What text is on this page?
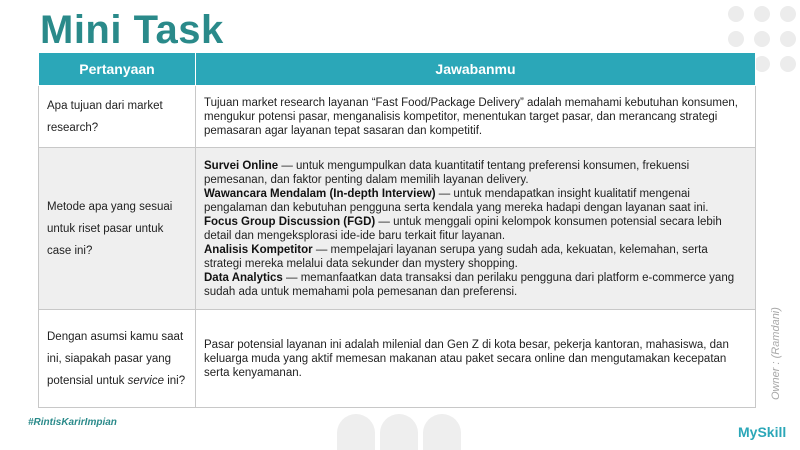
Mini Task
Pertanyaan	Jawabanmu
Apa tujuan dari market research?	Tujuan market research layanan “Fast Food/Package Delivery” adalah memahami kebutuhan konsumen, mengukur potensi pasar, menganalisis kompetitor, menentukan target pasar, dan merancang strategi pemasaran agar layanan tepat sasaran dan kompetitif.
Metode apa yang sesuai untuk riset pasar untuk case ini?	Survei Online — untuk mengumpulkan data kuantitatif tentang preferensi konsumen, frekuensi pemesanan, dan faktor penting dalam memilih layanan delivery.
Wawancara Mendalam (In-depth Interview) — untuk mendapatkan insight kualitatif mengenai pengalaman dan kebutuhan pengguna serta kendala yang mereka hadapi dengan layanan saat ini.
Focus Group Discussion (FGD) — untuk menggali opini kelompok konsumen potensial secara lebih detail dan mengeksplorasi ide-ide baru terkait fitur layanan.
Analisis Kompetitor — mempelajari layanan serupa yang sudah ada, kekuatan, kelemahan, serta strategi mereka melalui data sekunder dan mystery shopping.
Data Analytics — memanfaatkan data transaksi dan perilaku pengguna dari platform e-commerce yang sudah ada untuk memahami pola pemesanan dan preferensi.

Dengan asumsi kamu saat ini, siapakah pasar yang potensial untuk service ini?	Pasar potensial layanan ini adalah milenial dan Gen Z di kota besar, pekerja kantoran, mahasiswa, dan keluarga muda yang aktif memesan makanan atau paket secara online dan mengutamakan kecepatan serta kenyamanan.	Owner : (Ramdani)
#RintisKarirImpian
MySkill
